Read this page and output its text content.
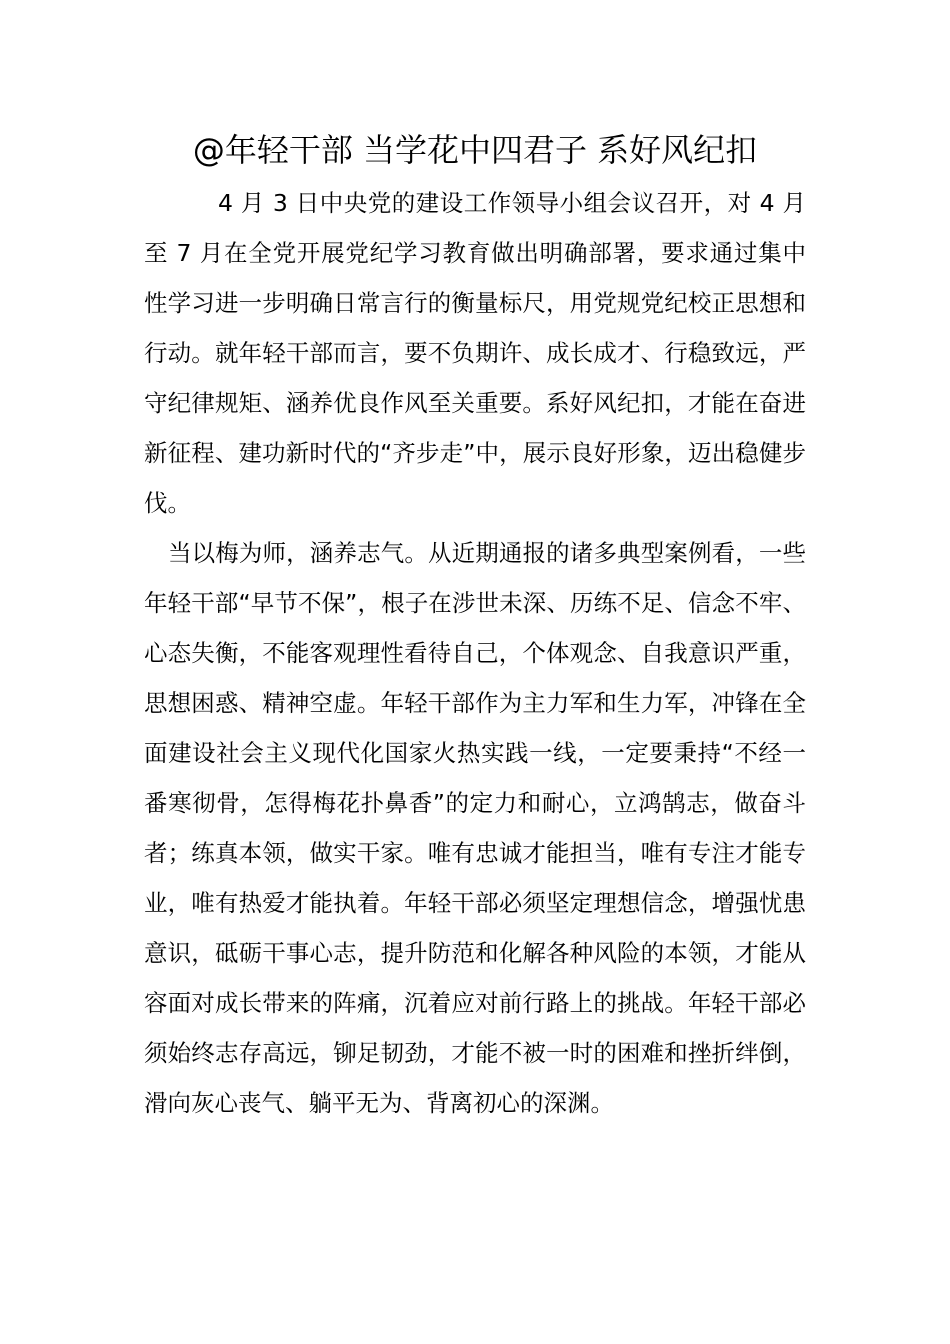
@年轻干部 当学花中四君子 系好风纪扣

4 月 3 日中央党的建设工作领导小组会议召开，对 4 月至 7 月在全党开展党纪学习教育做出明确部署，要求通过集中性学习进一步明确日常言行的衡量标尺，用党规党纪校正思想和行动。就年轻干部而言，要不负期许、成长成才、行稳致远，严守纪律规矩、涵养优良作风至关重要。系好风纪扣，才能在奋进新征程、建功新时代的“齐步走”中，展示良好形象，迈出稳健步伐。

当以梅为师，涵养志气。从近期通报的诸多典型案例看，一些年轻干部“早节不保”，根子在涉世未深、历练不足、信念不牢、心态失衡，不能客观理性看待自己，个体观念、自我意识严重，思想困惑、精神空虚。年轻干部作为主力军和生力军，冲锋在全面建设社会主义现代化国家火热实践一线，一定要秉持“不经一番寒彻骨，怎得梅花扑鼻香”的定力和耐心，立鸿鹄志，做奋斗者；练真本领，做实干家。唯有忠诚才能担当，唯有专注才能专业，唯有热爱才能执着。年轻干部必须坚定理想信念，增强忧患意识，砥砺干事心志，提升防范和化解各种风险的本领，才能从容面对成长带来的阵痛，沉着应对前行路上的挑战。年轻干部必须始终志存高远，铆足韧劲，才能不被一时的困难和挫折绊倒，滑向灰心丧气、躺平无为、背离初心的深渊。
